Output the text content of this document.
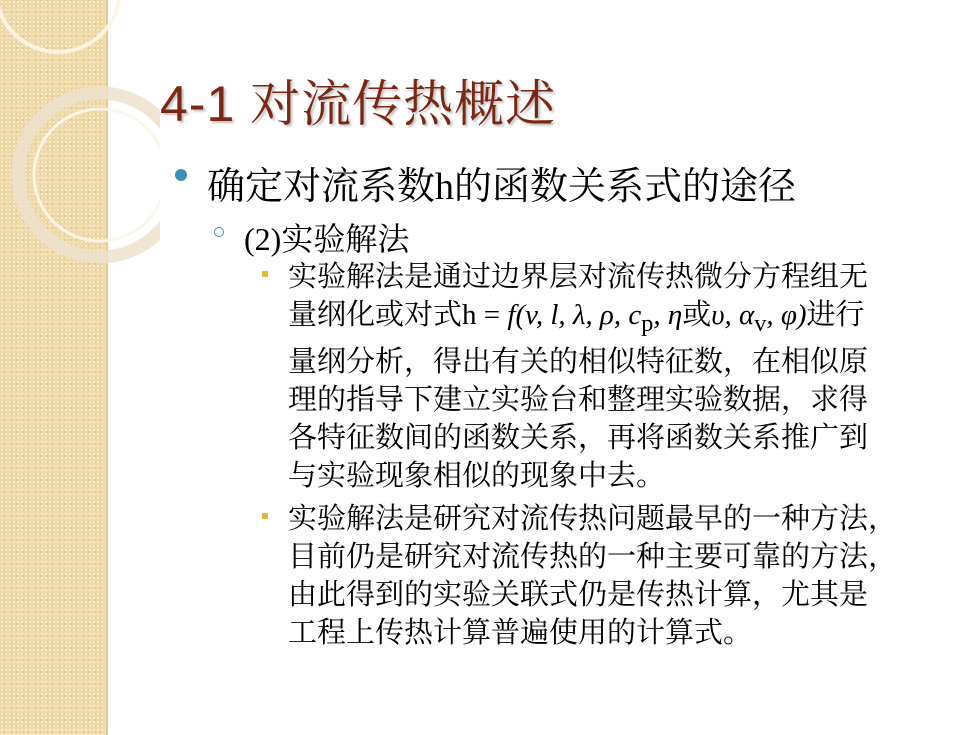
4-1 对流传热概述
确定对流系数h的函数关系式的途径
(2)实验解法
实验解法是通过边界层对流传热微分方程组无
量纲化或对式h = f(v, l, λ, ρ, $c_p$, η或υ, $\alpha_v$, φ)进行
量纲分析，得出有关的相似特征数，在相似原
理的指导下建立实验台和整理实验数据，求得
各特征数间的函数关系，再将函数关系推广到
与实验现象相似的现象中去。
实验解法是研究对流传热问题最早的一种方法，
目前仍是研究对流传热的一种主要可靠的方法，
由此得到的实验关联式仍是传热计算，尤其是
工程上传热计算普遍使用的计算式。
